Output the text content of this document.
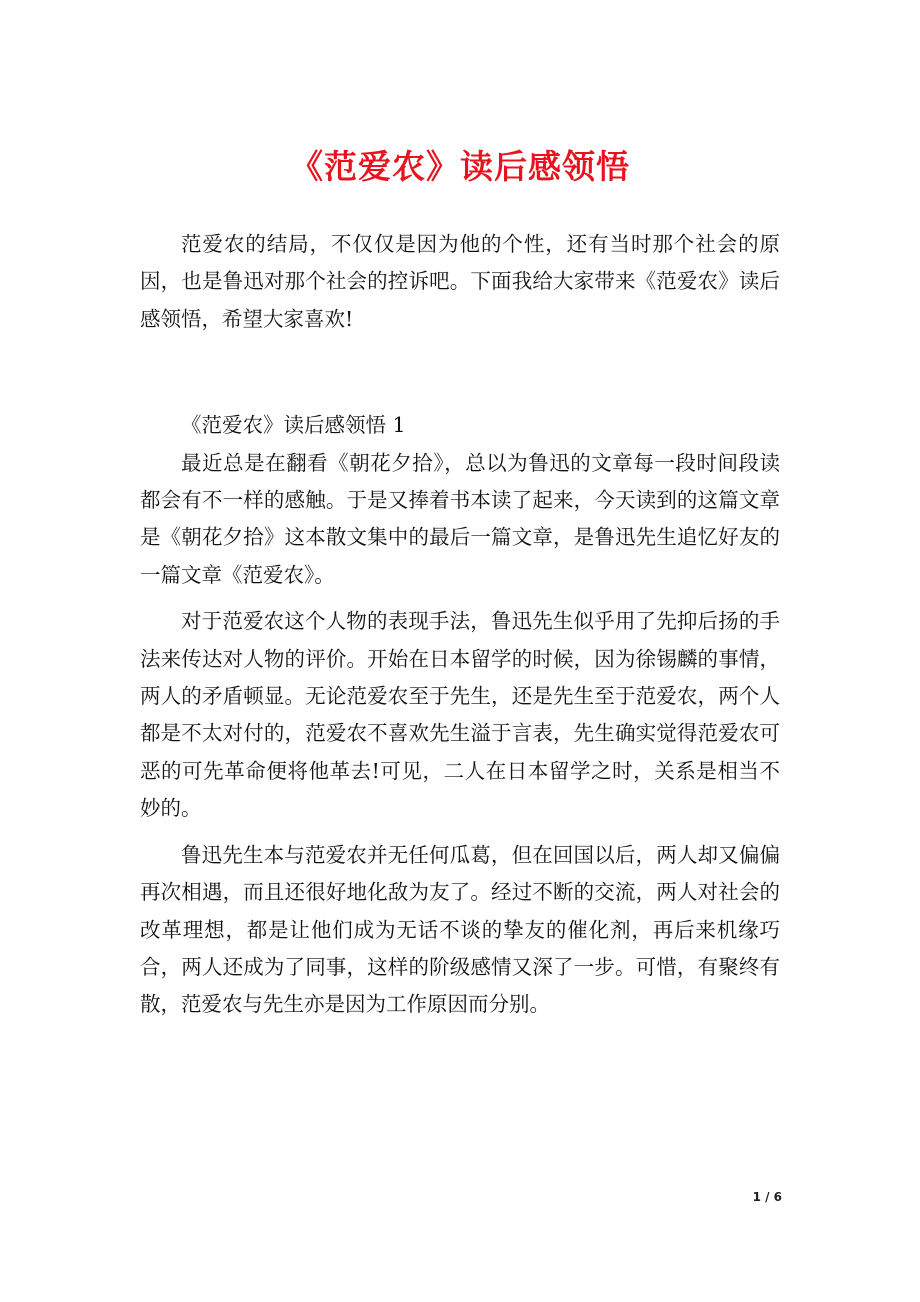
《范爱农》读后感领悟

范爱农的结局，不仅仅是因为他的个性，还有当时那个社会的原因，也是鲁迅对那个社会的控诉吧。下面我给大家带来《范爱农》读后感领悟，希望大家喜欢!

《范爱农》读后感领悟 1

最近总是在翻看《朝花夕拾》，总以为鲁迅的文章每一段时间段读都会有不一样的感触。于是又捧着书本读了起来，今天读到的这篇文章是《朝花夕拾》这本散文集中的最后一篇文章，是鲁迅先生追忆好友的一篇文章《范爱农》。

对于范爱农这个人物的表现手法，鲁迅先生似乎用了先抑后扬的手法来传达对人物的评价。开始在日本留学的时候，因为徐锡麟的事情，两人的矛盾顿显。无论范爱农至于先生，还是先生至于范爱农，两个人都是不太对付的，范爱农不喜欢先生溢于言表，先生确实觉得范爱农可恶的可先革命便将他革去!可见，二人在日本留学之时，关系是相当不妙的。

鲁迅先生本与范爱农并无任何瓜葛，但在回国以后，两人却又偏偏再次相遇，而且还很好地化敌为友了。经过不断的交流，两人对社会的改革理想，都是让他们成为无话不谈的挚友的催化剂，再后来机缘巧合，两人还成为了同事，这样的阶级感情又深了一步。可惜，有聚终有散，范爱农与先生亦是因为工作原因而分别。

1 / 6
